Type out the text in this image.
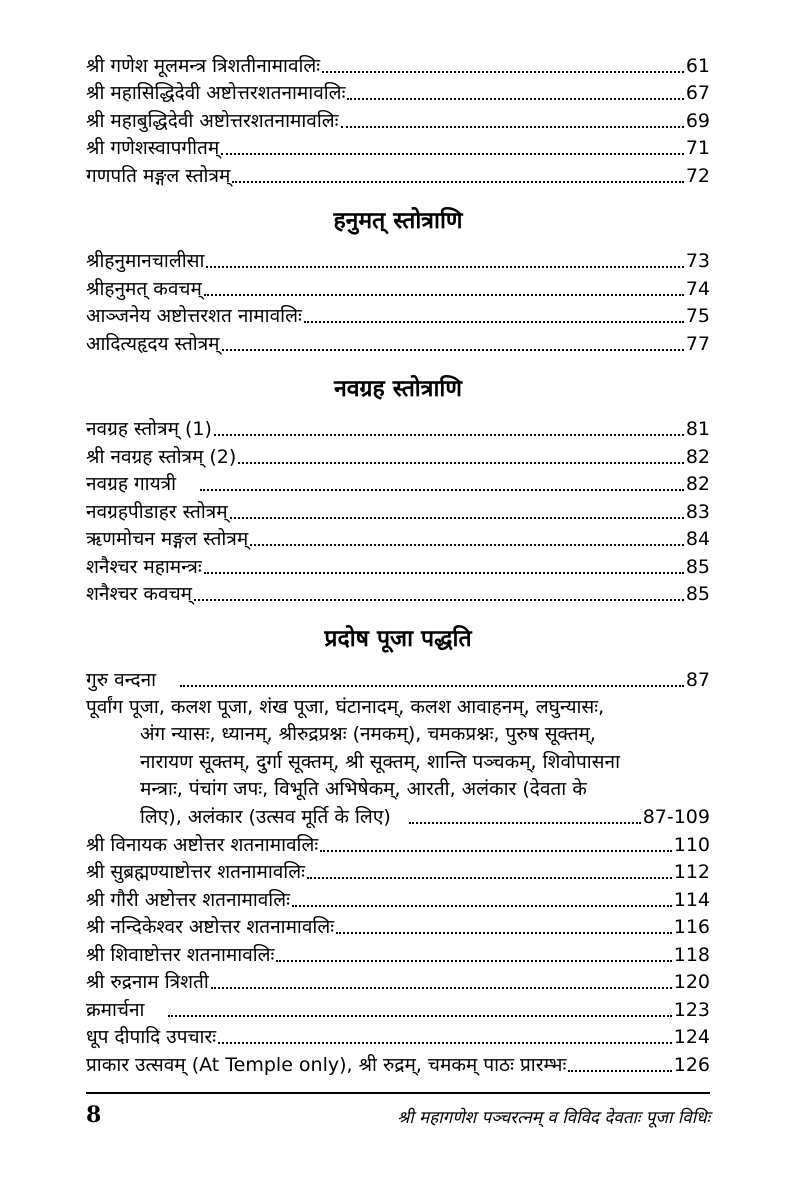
श्री गणेश मूलमन्त्र त्रिशतीनामावलिः	61
श्री महासिद्धिदेवी अष्टोत्तरशतनामावलिः	67
श्री महाबुद्धिदेवी अष्टोत्तरशतनामावलिः	69
श्री गणेशस्वापगीतम्	71
गणपति मङ्गल स्तोत्रम्	72
हनुमत् स्तोत्राणि
श्रीहनुमानचालीसा	73
श्रीहनुमत् कवचम्	74
आञ्जनेय अष्टोत्तरशत नामावलिः	75
आदित्यहृदय स्तोत्रम्	77
नवग्रह स्तोत्राणि
नवग्रह स्तोत्रम् (1)	81
श्री नवग्रह स्तोत्रम् (2)	82
नवग्रह गायत्री	82
नवग्रहपीडाहर स्तोत्रम्	83
ऋणमोचन मङ्गल स्तोत्रम्	84
शनैश्चर महामन्त्रः	85
शनैश्चर कवचम्	85
प्रदोष पूजा पद्धति
गुरु वन्दना	87
पूर्वांग पूजा, कलश पूजा, शंख पूजा, घंटानादम्, कलश आवाहनम्, लघुन्यासः,
अंग न्यासः, ध्यानम्, श्रीरुद्रप्रश्नः (नमकम्), चमकप्रश्नः, पुरुष सूक्तम्,
नारायण सूक्तम्, दुर्गा सूक्तम्, श्री सूक्तम्, शान्ति पञ्चकम्, शिवोपासना
मन्त्राः, पंचांग जपः, विभूति अभिषेकम्, आरती, अलंकार (देवता के
लिए), अलंकार (उत्सव मूर्ति के लिए)	87-109
श्री विनायक अष्टोत्तर शतनामावलिः	110
श्री सुब्रह्मण्याष्टोत्तर शतनामावलिः	112
श्री गौरी अष्टोत्तर शतनामावलिः	114
श्री नन्दिकेश्वर अष्टोत्तर शतनामावलिः	116
श्री शिवाष्टोत्तर शतनामावलिः	118
श्री रुद्रनाम त्रिशती	120
क्रमार्चना	123
धूप दीपादि उपचारः	124
प्राकार उत्सवम् (At Temple only), श्री रुद्रम्, चमकम् पाठः प्रारम्भः	126
8	श्री महागणेश पञ्चरत्नम् व विविद देवताः पूजा विधिः
